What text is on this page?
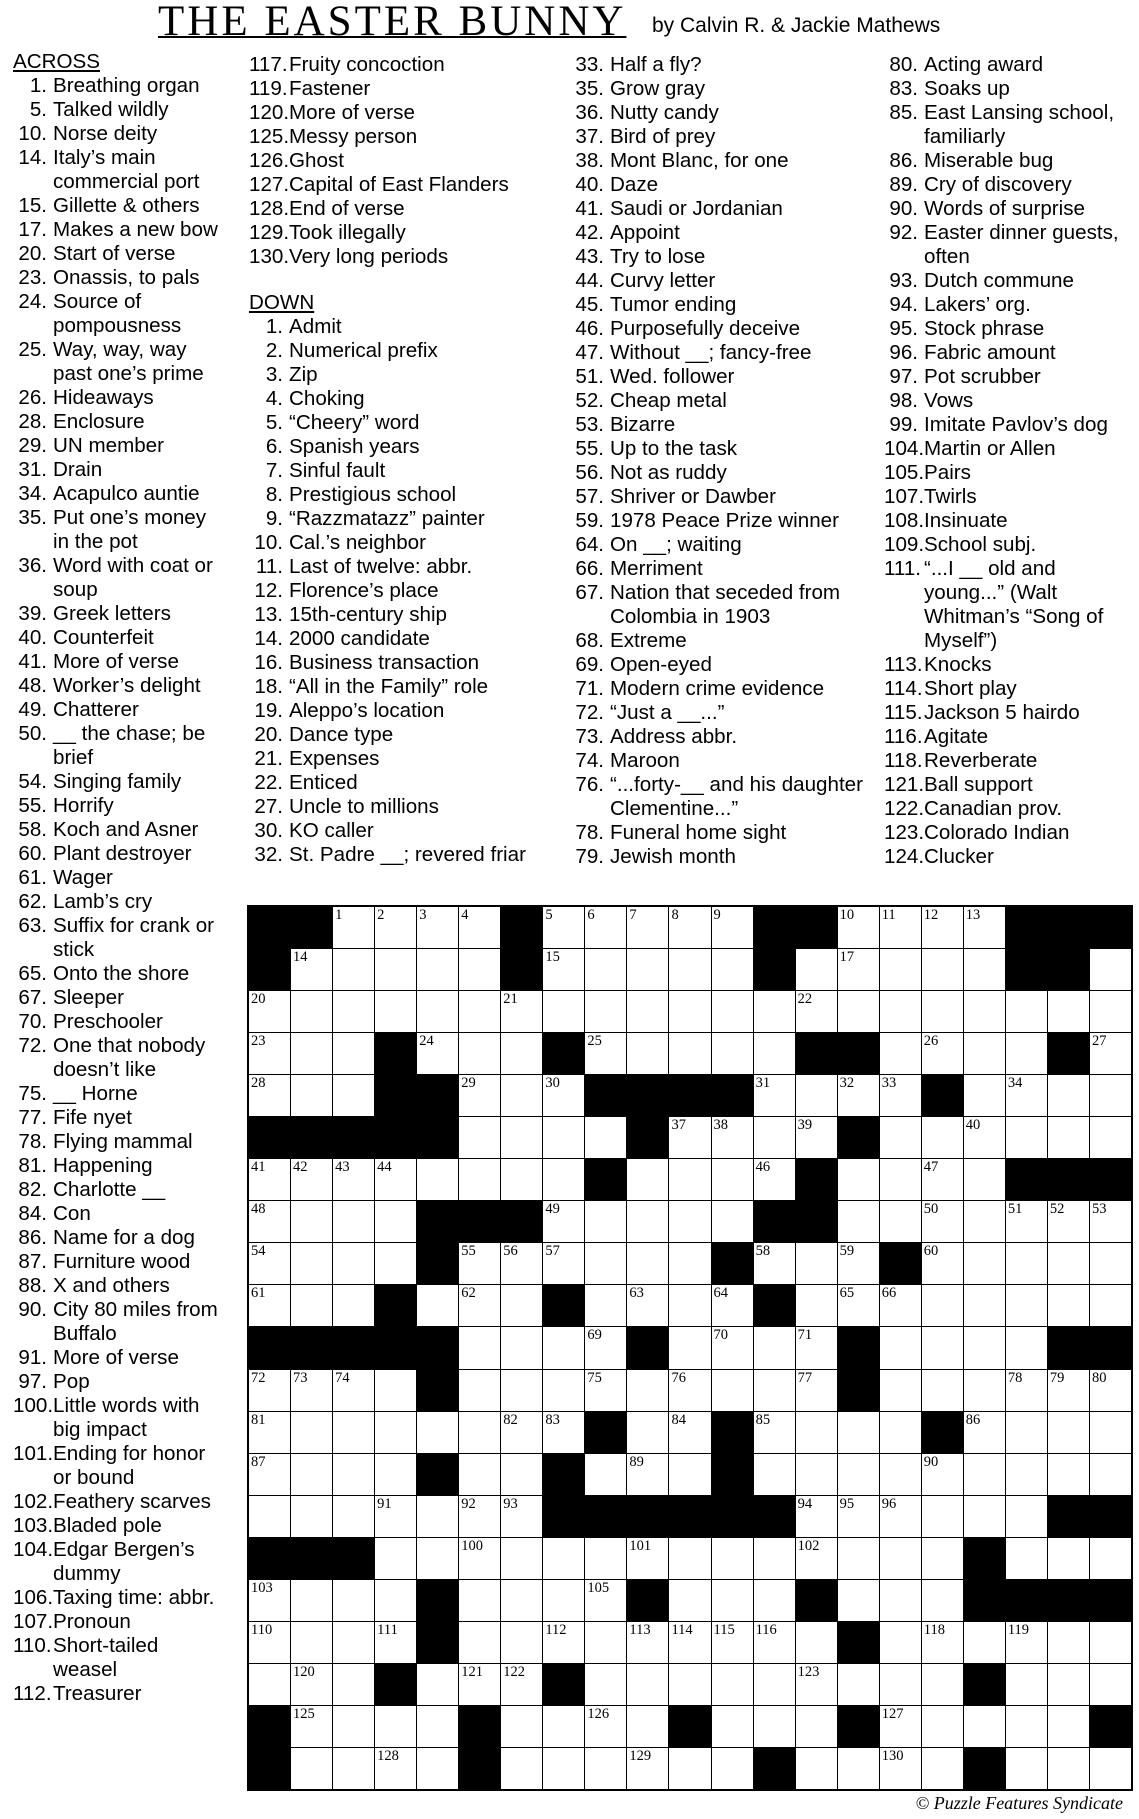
THE EASTER BUNNY by Calvin R. & Jackie Mathews
ACROSS
1. Breathing organ
5. Talked wildly
10. Norse deity
14. Italy’s main commercial port
15. Gillette & others
17. Makes a new bow
20. Start of verse
23. Onassis, to pals
24. Source of pompousness
25. Way, way, way past one’s prime
26. Hideaways
28. Enclosure
29. UN member
31. Drain
34. Acapulco auntie
35. Put one’s money in the pot
36. Word with coat or soup
39. Greek letters
40. Counterfeit
41. More of verse
48. Worker’s delight
49. Chatterer
50. __ the chase; be brief
54. Singing family
55. Horrify
58. Koch and Asner
60. Plant destroyer
61. Wager
62. Lamb’s cry
63. Suffix for crank or stick
65. Onto the shore
67. Sleeper
70. Preschooler
72. One that nobody doesn’t like
75. __ Horne
77. Fife nyet
78. Flying mammal
81. Happening
82. Charlotte __
84. Con
86. Name for a dog
87. Furniture wood
88. X and others
90. City 80 miles from Buffalo
91. More of verse
97. Pop
100. Little words with big impact
101. Ending for honor or bound
102. Feathery scarves
103. Bladed pole
104. Edgar Bergen’s dummy
106. Taxing time: abbr.
107. Pronoun
110. Short-tailed weasel
112. Treasurer
117. Fruity concoction
119. Fastener
120. More of verse
125. Messy person
126. Ghost
127. Capital of East Flanders
128. End of verse
129. Took illegally
130. Very long periods
DOWN
1. Admit
2. Numerical prefix
3. Zip
4. Choking
5. “Cheery” word
6. Spanish years
7. Sinful fault
8. Prestigious school
9. “Razzmatazz” painter
10. Cal.’s neighbor
11. Last of twelve: abbr.
12. Florence’s place
13. 15th-century ship
14. 2000 candidate
16. Business transaction
18. “All in the Family” role
19. Aleppo’s location
20. Dance type
21. Expenses
22. Enticed
27. Uncle to millions
30. KO caller
32. St. Padre __; revered friar
33. Half a fly?
35. Grow gray
36. Nutty candy
37. Bird of prey
38. Mont Blanc, for one
40. Daze
41. Saudi or Jordanian
42. Appoint
43. Try to lose
44. Curvy letter
45. Tumor ending
46. Purposefully deceive
47. Without __; fancy-free
51. Wed. follower
52. Cheap metal
53. Bizarre
55. Up to the task
56. Not as ruddy
57. Shriver or Dawber
59. 1978 Peace Prize winner
64. On __; waiting
66. Merriment
67. Nation that seceded from Colombia in 1903
68. Extreme
69. Open-eyed
71. Modern crime evidence
72. “Just a __...”
73. Address abbr.
74. Maroon
76. “...forty-__ and his daughter Clementine...”
78. Funeral home sight
79. Jewish month
80. Acting award
83. Soaks up
85. East Lansing school, familiarly
86. Miserable bug
89. Cry of discovery
90. Words of surprise
92. Easter dinner guests, often
93. Dutch commune
94. Lakers’ org.
95. Stock phrase
96. Fabric amount
97. Pot scrubber
98. Vows
99. Imitate Pavlov’s dog
104. Martin or Allen
105. Pairs
107. Twirls
108. Insinuate
109. School subj.
111. “...I __ old and young...” (Walt Whitman’s “Song of Myself”)
113. Knocks
114. Short play
115. Jackson 5 hairdo
116. Agitate
118. Reverberate
121. Ball support
122. Canadian prov.
123. Colorado Indian
124. Clucker
1 2 3 4	5 6 7 8 9	10 11 12 13
14	15	17
20	21	22
23	24	25	26	27
28	29	30	31	32 33	34
37 38	39	40
41 42 43 44	46	47
48	49	50	51 52 53
54	55 56 57	58	59	60
61	62	63	64	65 66
69	70	71
72 73 74	75	76	77	78 79 80
81	82 83	84	85	86
87	89	90
91	92 93	94 95 96
100	101	102
103	105
110	111	112	113 114 115 116	118	119
120	121 122	123
125	126	127
128	129	130
© Puzzle Features Syndicate
